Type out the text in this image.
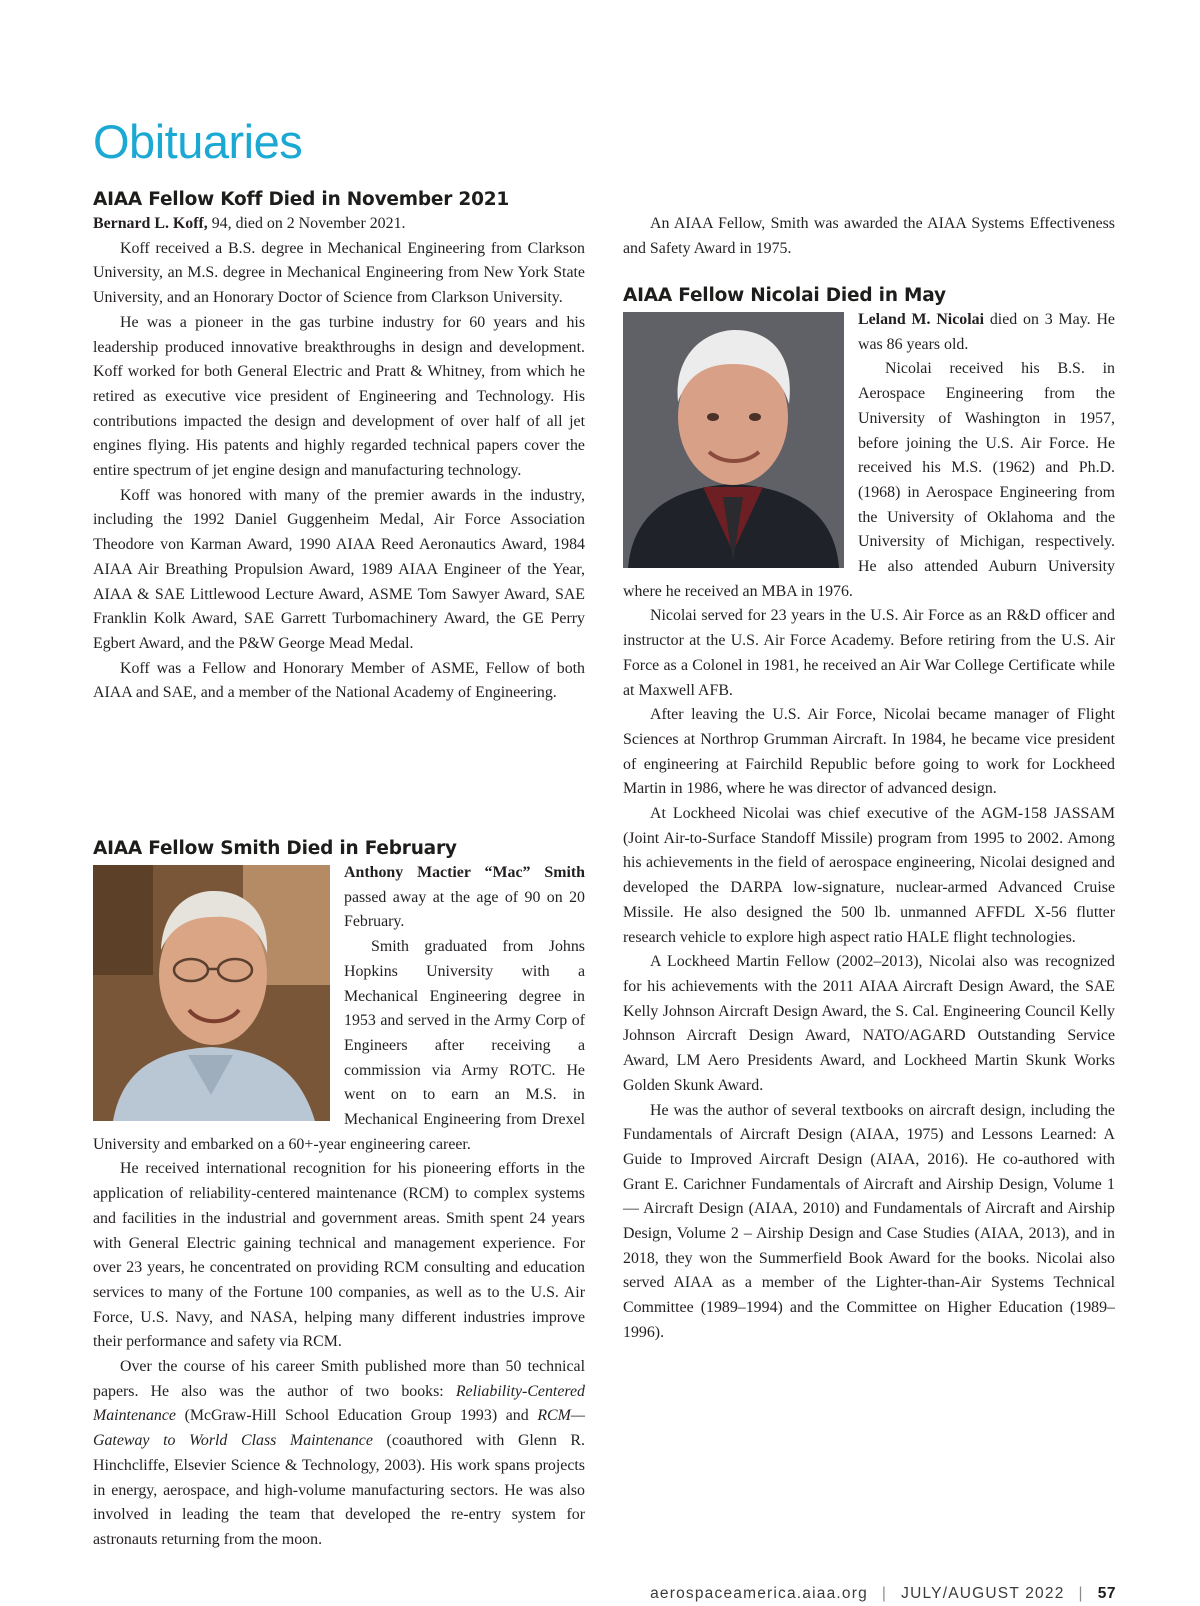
Obituaries
AIAA Fellow Koff Died in November 2021

Bernard L. Koff, 94, died on 2 November 2021.

Koff received a B.S. degree in Mechanical Engineering from Clarkson University, an M.S. degree in Mechanical Engineering from New York State University, and an Honorary Doctor of Science from Clarkson University.

He was a pioneer in the gas turbine industry for 60 years and his leadership produced innovative breakthroughs in design and development. Koff worked for both General Electric and Pratt & Whitney, from which he retired as executive vice president of Engineering and Technology. His contributions impacted the design and development of over half of all jet engines flying. His patents and highly regarded technical papers cover the entire spectrum of jet engine design and manufacturing technology.

Koff was honored with many of the premier awards in the industry, including the 1992 Daniel Guggenheim Medal, Air Force Association Theodore von Karman Award, 1990 AIAA Reed Aeronautics Award, 1984 AIAA Air Breathing Propulsion Award, 1989 AIAA Engineer of the Year, AIAA & SAE Littlewood Lecture Award, ASME Tom Sawyer Award, SAE Franklin Kolk Award, SAE Garrett Turbomachinery Award, the GE Perry Egbert Award, and the P&W George Mead Medal.

Koff was a Fellow and Honorary Member of ASME, Fellow of both AIAA and SAE, and a member of the National Academy of Engineering.

AIAA Fellow Smith Died in February

Anthony Mactier “Mac” Smith passed away at the age of 90 on 20 February.

Smith graduated from Johns Hopkins University with a Mechanical Engineering degree in 1953 and served in the Army Corp of Engineers after receiving a commission via Army ROTC. He went on to earn an M.S. in Mechanical Engineering from Drexel University and embarked on a 60+-year engineering career.

He received international recognition for his pioneering efforts in the application of reliability-centered maintenance (RCM) to complex systems and facilities in the industrial and government areas. Smith spent 24 years with General Electric gaining technical and management experience. For over 23 years, he concentrated on providing RCM consulting and education services to many of the Fortune 100 companies, as well as to the U.S. Air Force, U.S. Navy, and NASA, helping many different industries improve their performance and safety via RCM.

Over the course of his career Smith published more than 50 technical papers. He also was the author of two books: Reliability-Centered Maintenance (McGraw-Hill School Education Group 1993) and RCM—Gateway to World Class Maintenance (coauthored with Glenn R. Hinchcliffe, Elsevier Science & Technology, 2003). His work spans projects in energy, aerospace, and high-volume manufacturing sectors. He was also involved in leading the team that developed the re-entry system for astronauts returning from the moon.

An AIAA Fellow, Smith was awarded the AIAA Systems Effectiveness and Safety Award in 1975.

AIAA Fellow Nicolai Died in May

Leland M. Nicolai died on 3 May. He was 86 years old.

Nicolai received his B.S. in Aerospace Engineering from the University of Washington in 1957, before joining the U.S. Air Force. He received his M.S. (1962) and Ph.D. (1968) in Aerospace Engineering from the University of Oklahoma and the University of Michigan, respectively. He also attended Auburn University where he received an MBA in 1976.

Nicolai served for 23 years in the U.S. Air Force as an R&D officer and instructor at the U.S. Air Force Academy. Before retiring from the U.S. Air Force as a Colonel in 1981, he received an Air War College Certificate while at Maxwell AFB.

After leaving the U.S. Air Force, Nicolai became manager of Flight Sciences at Northrop Grumman Aircraft. In 1984, he became vice president of engineering at Fairchild Republic before going to work for Lockheed Martin in 1986, where he was director of advanced design.

At Lockheed Nicolai was chief executive of the AGM-158 JASSAM (Joint Air-to-Surface Standoff Missile) program from 1995 to 2002. Among his achievements in the field of aerospace engineering, Nicolai designed and developed the DARPA low-signature, nuclear-armed Advanced Cruise Missile. He also designed the 500 lb. unmanned AFFDL X-56 flutter research vehicle to explore high aspect ratio HALE flight technologies.

A Lockheed Martin Fellow (2002–2013), Nicolai also was recognized for his achievements with the 2011 AIAA Aircraft Design Award, the SAE Kelly Johnson Aircraft Design Award, the S. Cal. Engineering Council Kelly Johnson Aircraft Design Award, NATO/AGARD Outstanding Service Award, LM Aero Presidents Award, and Lockheed Martin Skunk Works Golden Skunk Award.

He was the author of several textbooks on aircraft design, including the Fundamentals of Aircraft Design (AIAA, 1975) and Lessons Learned: A Guide to Improved Aircraft Design (AIAA, 2016). He co-authored with Grant E. Carichner Fundamentals of Aircraft and Airship Design, Volume 1 — Aircraft Design (AIAA, 2010) and Fundamentals of Aircraft and Airship Design, Volume 2 – Airship Design and Case Studies (AIAA, 2013), and in 2018, they won the Summerfield Book Award for the books. Nicolai also served AIAA as a member of the Lighter-than-Air Systems Technical Committee (1989–1994) and the Committee on Higher Education (1989–1996).

aerospaceamerica.aiaa.org | JULY/AUGUST 2022 | 57
